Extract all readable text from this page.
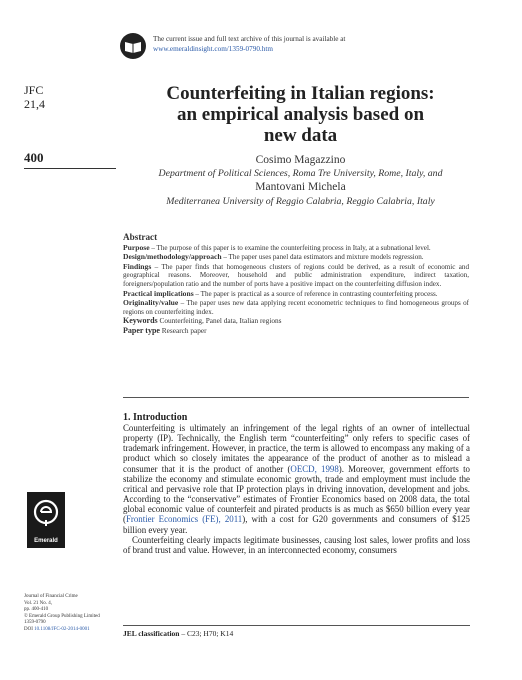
The current issue and full text archive of this journal is available at
www.emeraldinsight.com/1359-0790.htm
JFC
21,4
400
Counterfeiting in Italian regions:
an empirical analysis based on
new data
Cosimo Magazzino
Department of Political Sciences, Roma Tre University, Rome, Italy, and
Mantovani Michela
Mediterranea University of Reggio Calabria, Reggio Calabria, Italy
Abstract

Purpose – The purpose of this paper is to examine the counterfeiting process in Italy, at a subnational level.

Design/methodology/approach – The paper uses panel data estimators and mixture models regression.

Findings – The paper finds that homogeneous clusters of regions could be derived, as a result of economic and geographical reasons. Moreover, household and public administration expenditure, indirect taxation, foreigners/population ratio and the number of ports have a positive impact on the counterfeiting diffusion index.

Practical implications – The paper is practical as a source of reference in contrasting counterfeiting process.

Originality/value – The paper uses new data applying recent econometric techniques to find homogeneous groups of regions on counterfeiting index.

Keywords Counterfeiting, Panel data, Italian regions
Paper type Research paper
1. Introduction

Counterfeiting is ultimately an infringement of the legal rights of an owner of intellectual property (IP). Technically, the English term “counterfeiting” only refers to specific cases of trademark infringement. However, in practice, the term is allowed to encompass any making of a product which so closely imitates the appearance of the product of another as to mislead a consumer that it is the product of another (OECD, 1998). Moreover, government efforts to stabilize the economy and stimulate economic growth, trade and employment must include the critical and pervasive role that IP protection plays in driving innovation, development and jobs. According to the “conservative” estimates of Frontier Economics based on 2008 data, the total global economic value of counterfeit and pirated products is as much as $650 billion every year (Frontier Economics (FE), 2011), with a cost for G20 governments and consumers of $125 billion every year.

Counterfeiting clearly impacts legitimate businesses, causing lost sales, lower profits and loss of brand trust and value. However, in an interconnected economy, consumers

Emerald
Journal of Financial Crime
Vol. 21 No. 4,
pp. 400-410
© Emerald Group Publishing Limited
1359-0790
DOI 10.1108/JFC-02-2014-0001	JEL classification – C23; H70; K14
